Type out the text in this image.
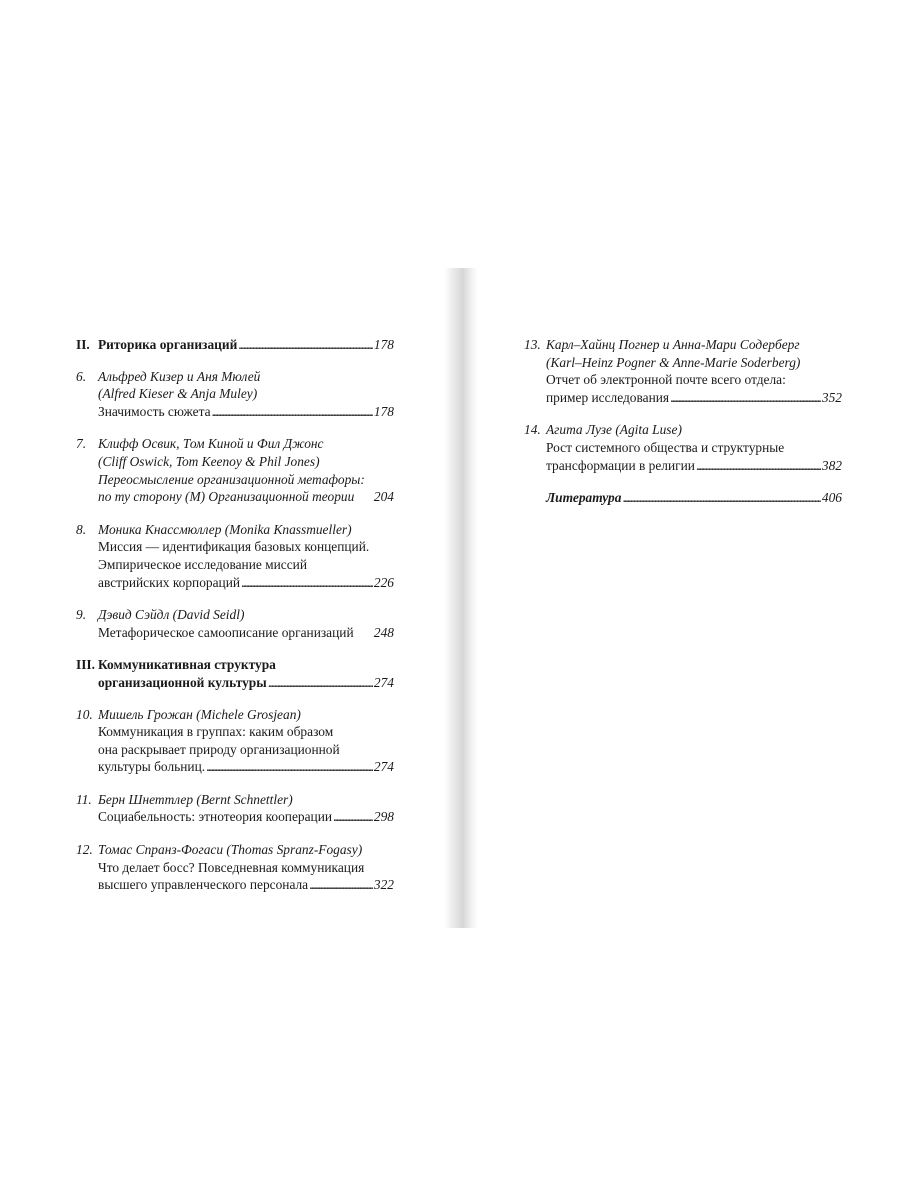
II. Риторика организаций . . .	178
6. Альфред Кизер и Аня Мюлей
(Alfred Kieser & Anja Muley)
Значимость сюжета . . .	178
7. Клифф Освик, Том Киной и Фил Джонс
(Cliff Oswick, Tom Keenoy & Phil Jones)
Переосмысление организационной метафоры:
по ту сторону (М) Организационной теории 204
8. Моника Кнассмюллер (Monika Knassmueller)
Миссия — идентификация базовых концепций.
Эмпирическое исследование миссий
австрийских корпораций . . .	226
9. Дэвид Сэйдл (David Seidl)
Метафорическое самоописание организаций 248
III. Коммуникативная структура
организационной культуры . . .	274
10. Мишель Грожан (Michele Grosjean)
Коммуникация в группах: каким образом
она раскрывает природу организационной
культуры больниц. . . .	274
11. Берн Шнеттлер (Bernt Schnettler)
Социабельность: этнотеория кооперации . . .	298
12. Томас Спранз-Фогаси (Thomas Spranz-Fogasy)
Что делает босс? Повседневная коммуникация
высшего управленческого персонала . . .	322
13. Карл–Хайнц Погнер и Анна-Мари Содерберг
(Karl–Heinz Pogner & Anne-Marie Soderberg)
Отчет об электронной почте всего отдела:
пример исследования . . .	352
14. Агита Лузе (Agita Luse)
Рост системного общества и структурные
трансформации в религии . . .	382
Литература . . .	406
